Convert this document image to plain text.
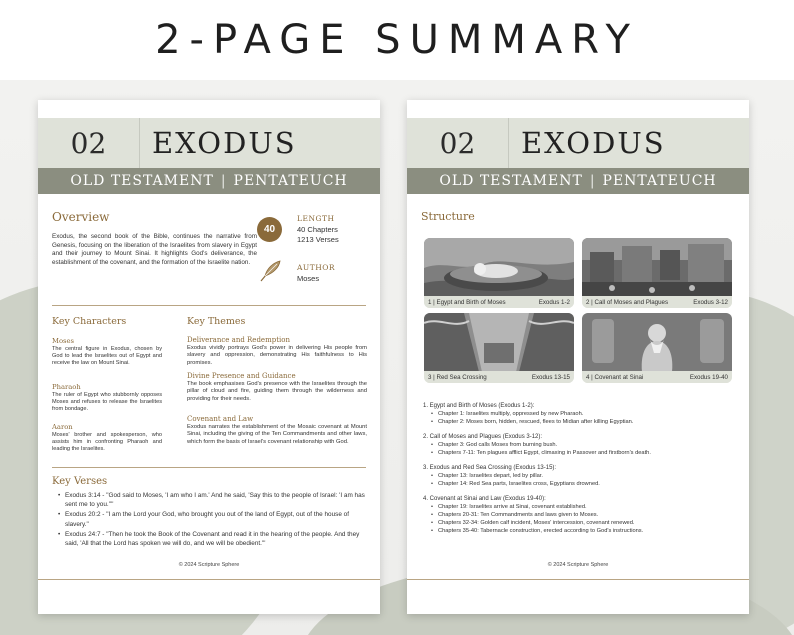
2-PAGE SUMMARY
02	EXODUS
OLD TESTAMENT | PENTATEUCH
Overview

Exodus, the second book of the Bible, continues the narrative from Genesis, focusing on the liberation of the Israelites from slavery in Egypt and their journey to Mount Sinai. It highlights God's deliverance, the establishment of the covenant, and the formation of the Israelite nation.

40
LENGTH
40 Chapters
1213 Verses
AUTHOR
Moses
Key Characters	Key Themes
Moses
The central figure in Exodus, chosen by God to lead the Israelites out of Egypt and receive the law on Mount Sinai.
Pharaoh
The ruler of Egypt who stubbornly opposes Moses and refuses to release the Israelites from bondage.
Aaron
Moses' brother and spokesperson, who assists him in confronting Pharaoh and leading the Israelites.
Deliverance and Redemption
Exodus vividly portrays God's power in delivering His people from slavery and oppression, demonstrating His faithfulness to His promises.
Divine Presence and Guidance
The book emphasises God's presence with the Israelites through the pillar of cloud and fire, guiding them through the wilderness and providing for their needs.
Covenant and Law
Exodus narrates the establishment of the Mosaic covenant at Mount Sinai, including the giving of the Ten Commandments and other laws, which form the basis of Israel's covenant relationship with God.
Key Verses
• Exodus 3:14 - "God said to Moses, 'I am who I am.' And he said, 'Say this to the people of Israel: 'I am has sent me to you.''"
• Exodus 20:2 - "I am the Lord your God, who brought you out of the land of Egypt, out of the house of slavery."
• Exodus 24:7 - "Then he took the Book of the Covenant and read it in the hearing of the people. And they said, 'All that the Lord has spoken we will do, and we will be obedient.'"
© 2024 Scripture Sphere
02	EXODUS
OLD TESTAMENT | PENTATEUCH
Structure
1 | Egypt and Birth of Moses	Exodus 1-2	2 | Call of Moses and Plagues	Exodus 3-12
3 | Red Sea Crossing	Exodus 13-15	4 | Covenant at Sinai	Exodus 19-40
1. Egypt and Birth of Moses (Exodus 1-2):
• Chapter 1: Israelites multiply, oppressed by new Pharaoh.
• Chapter 2: Moses born, hidden, rescued, flees to Midian after killing Egyptian.
2. Call of Moses and Plagues (Exodus 3-12):
• Chapter 3: God calls Moses from burning bush.
• Chapters 7-11: Ten plagues afflict Egypt, climaxing in Passover and firstborn's death.
3. Exodus and Red Sea Crossing (Exodus 13-15):
• Chapter 13: Israelites depart, led by pillar.
• Chapter 14: Red Sea parts, Israelites cross, Egyptians drowned.
4. Covenant at Sinai and Law (Exodus 19-40):
• Chapter 19: Israelites arrive at Sinai, covenant established.
• Chapters 20-31: Ten Commandments and laws given to Moses.
• Chapters 32-34: Golden calf incident, Moses' intercession, covenant renewed.
• Chapters 35-40: Tabernacle construction, erected according to God's instructions.
© 2024 Scripture Sphere
